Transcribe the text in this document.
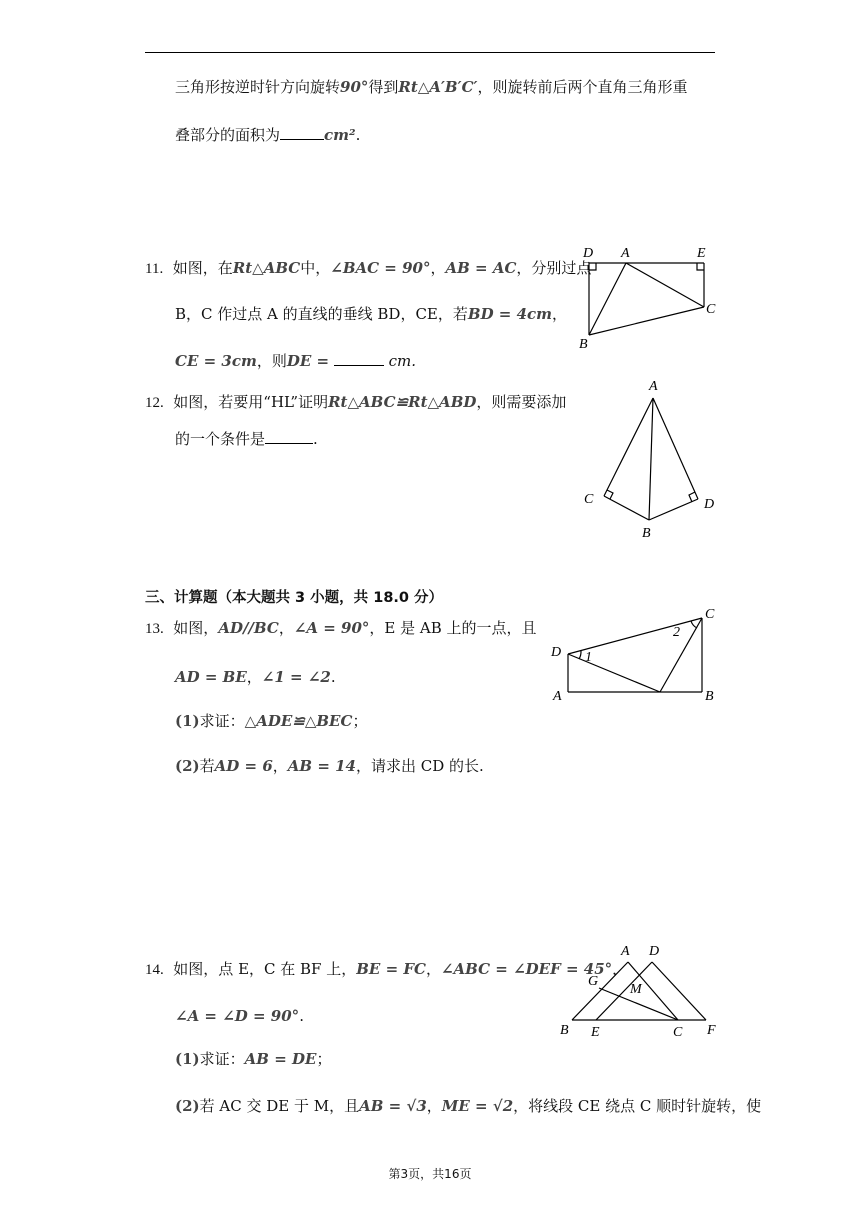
三角形按逆时针方向旋转90°得到Rt△A′B′C′，则旋转前后两个直角三角形重
叠部分的面积为	cm².
11. 如图，在Rt△ABC中，∠BAC = 90°，AB = AC，分别过点
B，C 作过点 A 的直线的垂线 BD，CE，若BD = 4cm，
CE = 3cm，则DE =	cm.
D A	E
C
B
12. 如图，若要用“HL”证明Rt△ABC≌Rt△ABD，则需要添加
的一个条件是	.
A
C	D
B
三、计算题（本大题共 3 小题，共 18.0 分）
13. 如图，AD//BC，∠A = 90°，E 是 AB 上的一点，且
AD = BE，∠1 = ∠2.
(1)求证：△ADE≌△BEC；
(2)若AD = 6，AB = 14，请求出 CD 的长.
C
D
A	B
1
2
14. 如图，点 E，C 在 BF 上，BE = FC，∠ABC = ∠DEF = 45°，
∠A = ∠D = 90°.
(1)求证：AB = DE；
(2)若 AC 交 DE 于 M，且AB = √3，ME = √2，将线段 CE 绕点 C 顺时针旋转，使
A D
G
M
B E	C F
第3页，共16页
